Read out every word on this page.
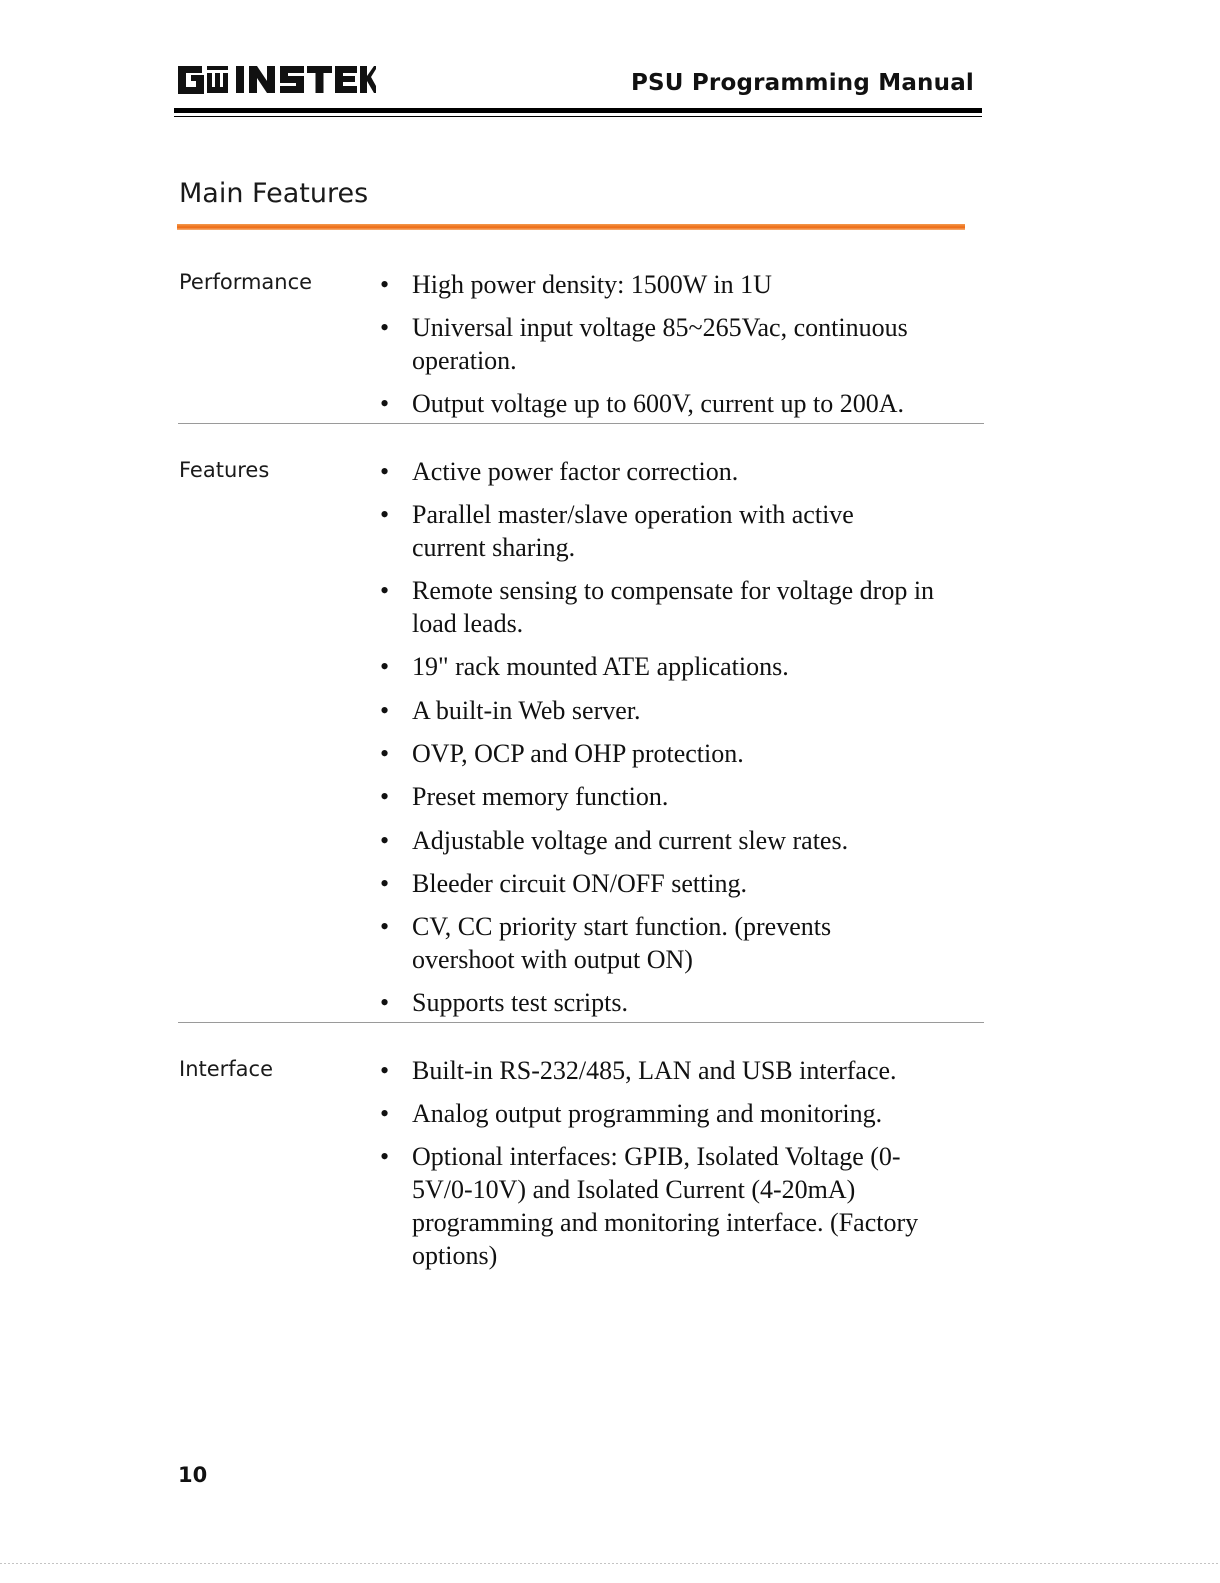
PSU Programming Manual
Main Features
Performance	• High power density: 1500W in 1U
• Universal input voltage 85~265Vac, continuous operation.
• Output voltage up to 600V, current up to 200A.
Features	• Active power factor correction.
• Parallel master/slave operation with active current sharing.
• Remote sensing to compensate for voltage drop in load leads.
• 19" rack mounted ATE applications.
• A built-in Web server.
• OVP, OCP and OHP protection.
• Preset memory function.
• Adjustable voltage and current slew rates.
• Bleeder circuit ON/OFF setting.
• CV, CC priority start function. (prevents overshoot with output ON)
• Supports test scripts.
Interface	• Built-in RS-232/485, LAN and USB interface.
• Analog output programming and monitoring.
• Optional interfaces: GPIB, Isolated Voltage (0-5V/0-10V) and Isolated Current (4-20mA) programming and monitoring interface. (Factory options)
10
